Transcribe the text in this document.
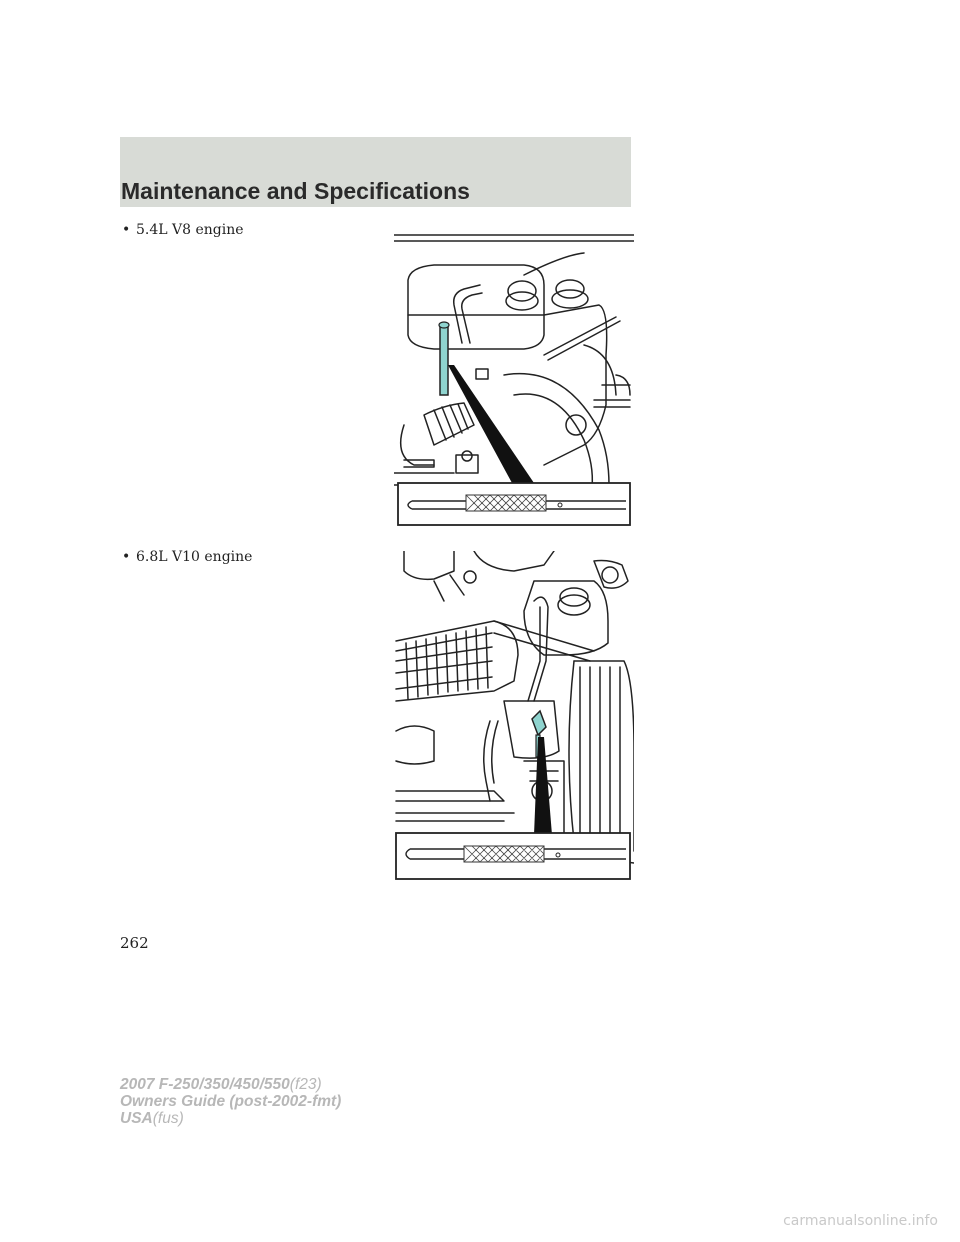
Maintenance and Specifications
• 5.4L V8 engine
• 6.8L V10 engine
262
2007 F-250/350/450/550(f23)
Owners Guide (post-2002-fmt)
USA(fus)
carmanualsonline.info
